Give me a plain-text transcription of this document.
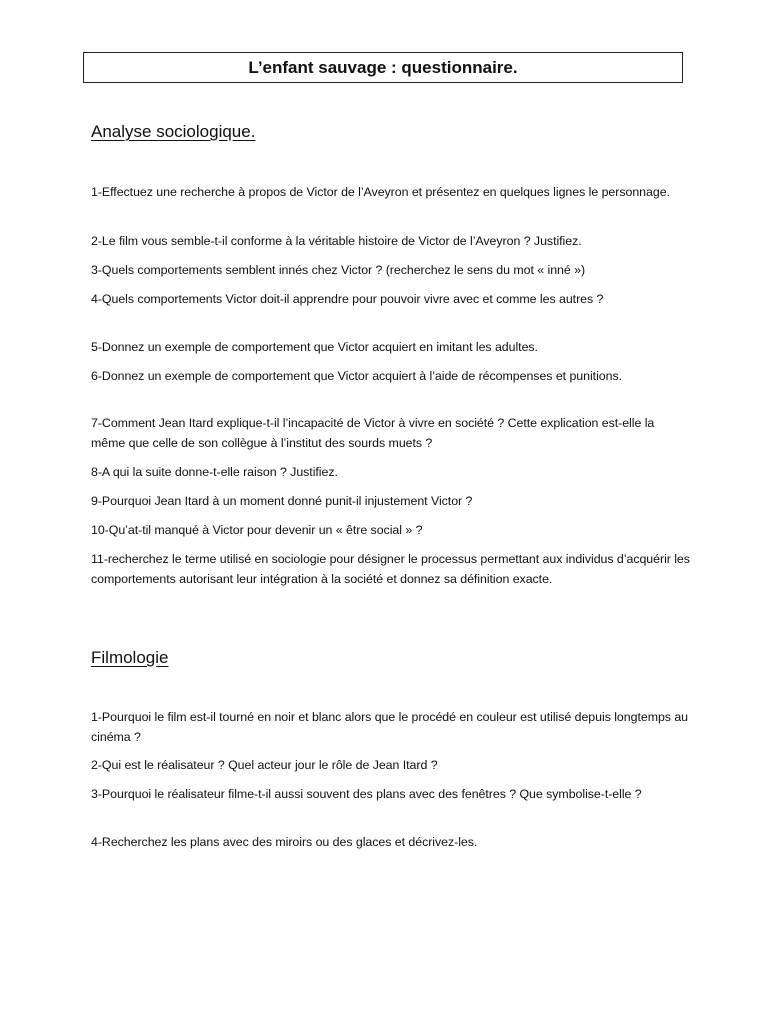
L’enfant sauvage : questionnaire.
Analyse sociologique.
1-Effectuez une recherche à propos de Victor de l’Aveyron et présentez en quelques lignes le personnage.
2-Le film vous semble-t-il conforme à la véritable histoire de Victor de l’Aveyron ? Justifiez.
3-Quels comportements semblent innés chez Victor ? (recherchez le sens du mot « inné »)
4-Quels comportements Victor doit-il apprendre pour pouvoir vivre avec et comme les autres ?
5-Donnez un exemple de comportement que Victor acquiert en imitant les adultes.
6-Donnez un exemple de comportement que Victor acquiert à l’aide de récompenses et punitions.
7-Comment Jean Itard explique-t-il l’incapacité de Victor à vivre en société ? Cette explication est-elle la même que celle de son collègue à l’institut des sourds muets ?
8-A qui la suite donne-t-elle raison ? Justifiez.
9-Pourquoi Jean Itard à un moment donné punit-il injustement Victor ?
10-Qu’at-til manqué à Victor pour devenir un « être social » ?
11-recherchez le terme utilisé en sociologie pour désigner le processus permettant aux individus d’acquérir les comportements autorisant leur intégration à la société et donnez sa définition exacte.
Filmologie
1-Pourquoi le film est-il tourné en noir et blanc alors que le procédé en couleur est utilisé depuis longtemps au cinéma ?
2-Qui est le réalisateur ? Quel acteur jour le rôle de Jean Itard ?
3-Pourquoi le réalisateur filme-t-il aussi souvent des plans avec des fenêtres ? Que symbolise-t-elle ?
4-Recherchez les plans avec des miroirs ou des glaces et décrivez-les.
